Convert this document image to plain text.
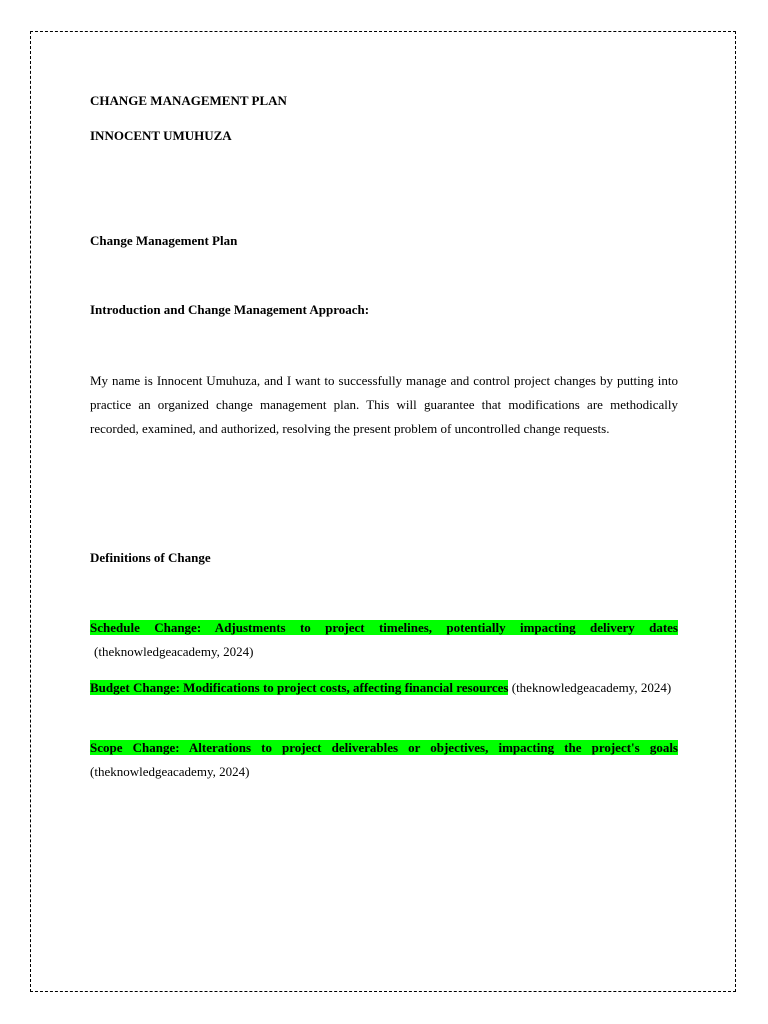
CHANGE MANAGEMENT PLAN
INNOCENT UMUHUZA
Change Management Plan
Introduction and Change Management Approach:
My name is Innocent Umuhuza, and I want to successfully manage and control project changes by putting into practice an organized change management plan. This will guarantee that modifications are methodically recorded, examined, and authorized, resolving the present problem of uncontrolled change requests.
Definitions of Change
Schedule Change: Adjustments to project timelines, potentially impacting delivery dates
(theknowledgeacademy, 2024)
Budget Change: Modifications to project costs, affecting financial resources (theknowledgeacademy, 2024)
Scope Change: Alterations to project deliverables or objectives, impacting the project's goals
(theknowledgeacademy, 2024)
